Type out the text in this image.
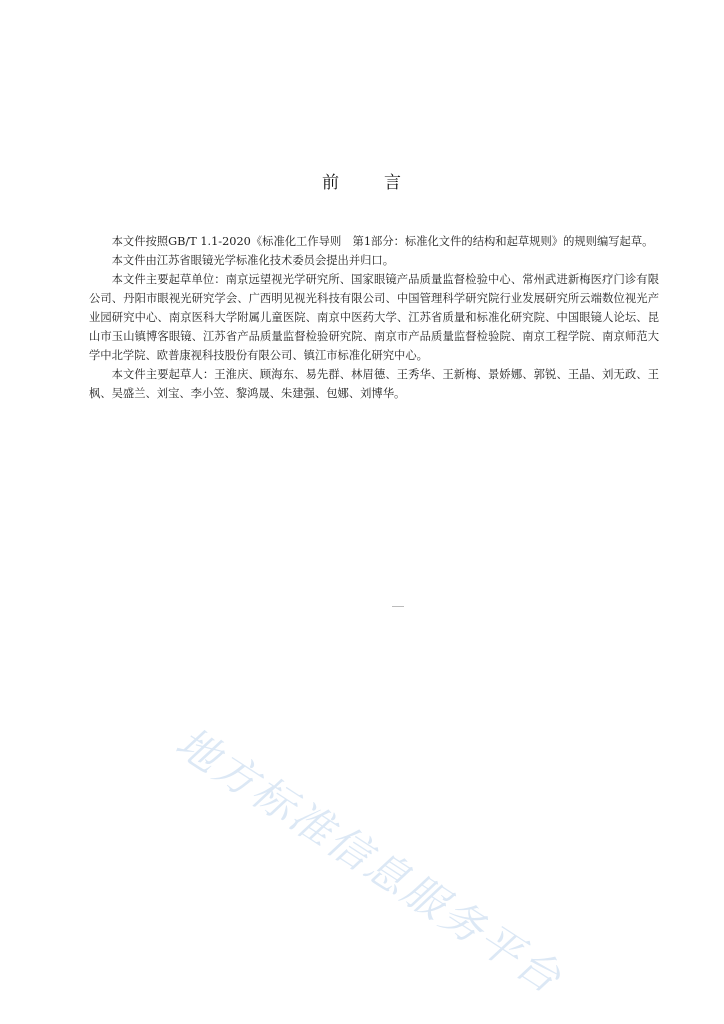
前	言

本文件按照GB/T 1.1-2020《标准化工作导则　第1部分：标准化文件的结构和起草规则》的规则编写起草。

本文件由江苏省眼镜光学标准化技术委员会提出并归口。

本文件主要起草单位：南京远望视光学研究所、国家眼镜产品质量监督检验中心、常州武进新梅医疗门诊有限公司、丹阳市眼视光研究学会、广西明见视光科技有限公司、中国管理科学研究院行业发展研究所云端数位视光产业园研究中心、南京医科大学附属儿童医院、南京中医药大学、江苏省质量和标准化研究院、中国眼镜人论坛、昆山市玉山镇博客眼镜、江苏省产品质量监督检验研究院、南京市产品质量监督检验院、南京工程学院、南京师范大学中北学院、欧普康视科技股份有限公司、镇江市标准化研究中心。

本文件主要起草人：王淮庆、顾海东、易先群、林眉德、王秀华、王新梅、景娇娜、郭锐、王晶、刘无政、王枫、吴盛兰、刘宝、李小笠、黎鸿晟、朱建强、包娜、刘博华。

地方标准信息服务平台
